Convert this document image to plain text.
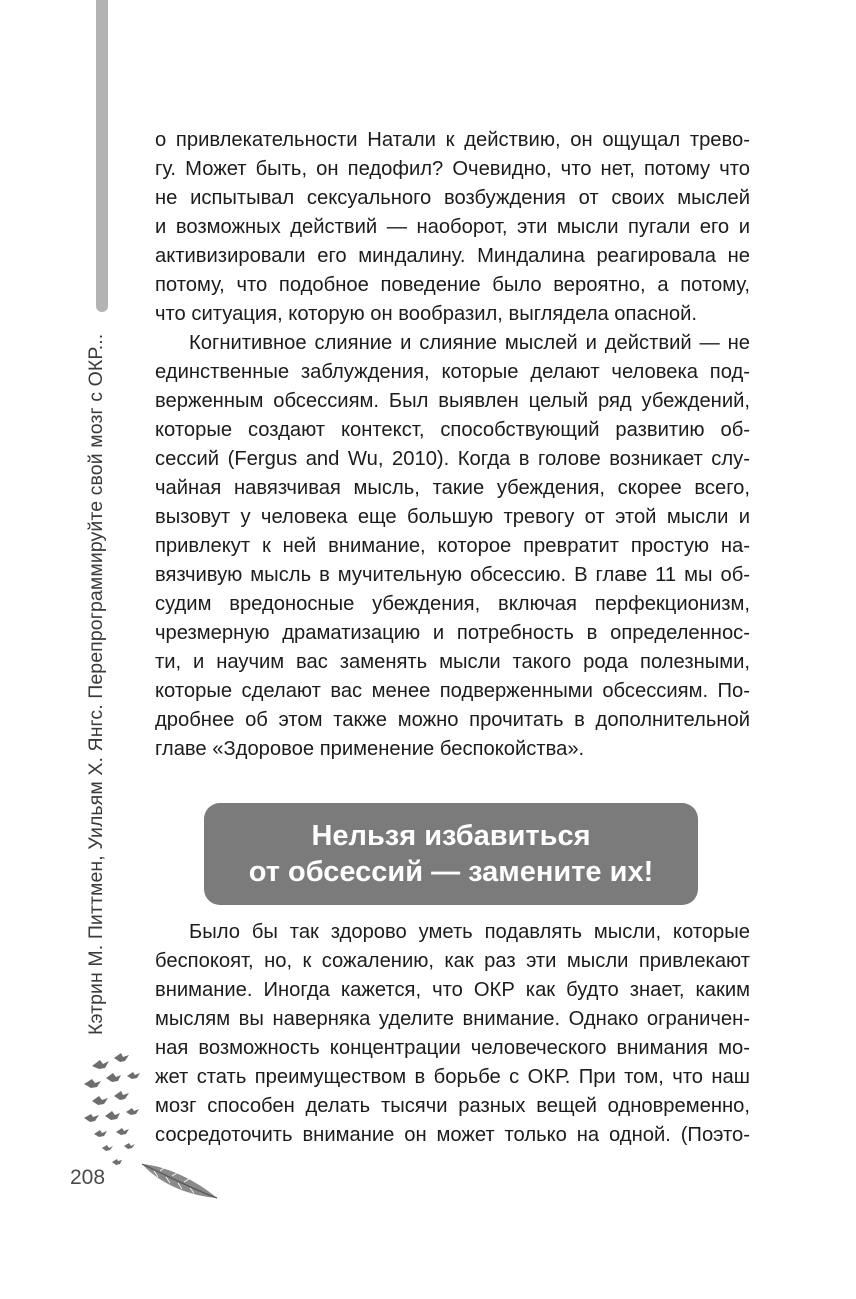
Кэтрин М. Питтмен, Уильям Х. Янгс. Перепрограммируйте свой мозг с ОКР...
208

о привлекательности Натали к действию, он ощущал трево-
гу. Может быть, он педофил? Очевидно, что нет, потому что
не испытывал сексуального возбуждения от своих мыслей
и возможных действий — наоборот, эти мысли пугали его и
активизировали его миндалину. Миндалина реагировала не
потому, что подобное поведение было вероятно, а потому,
что ситуация, которую он вообразил, выглядела опасной.

Когнитивное слияние и слияние мыслей и действий — не
единственные заблуждения, которые делают человека под-
верженным обсессиям. Был выявлен целый ряд убеждений,
которые создают контекст, способствующий развитию об-
сессий (Fergus and Wu, 2010). Когда в голове возникает слу-
чайная навязчивая мысль, такие убеждения, скорее всего,
вызовут у человека еще большую тревогу от этой мысли и
привлекут к ней внимание, которое превратит простую на-
вязчивую мысль в мучительную обсессию. В главе 11 мы об-
судим вредоносные убеждения, включая перфекционизм,
чрезмерную драматизацию и потребность в определеннос-
ти, и научим вас заменять мысли такого рода полезными,
которые сделают вас менее подверженными обсессиям. По-
дробнее об этом также можно прочитать в дополнительной
главе «Здоровое применение беспокойства».

Нельзя избавиться
от обсессий — замените их!

Было бы так здорово уметь подавлять мысли, которые
беспокоят, но, к сожалению, как раз эти мысли привлекают
внимание. Иногда кажется, что ОКР как будто знает, каким
мыслям вы наверняка уделите внимание. Однако ограничен-
ная возможность концентрации человеческого внимания мо-
жет стать преимуществом в борьбе с ОКР. При том, что наш
мозг способен делать тысячи разных вещей одновременно,
сосредоточить внимание он может только на одной. (Поэто-
